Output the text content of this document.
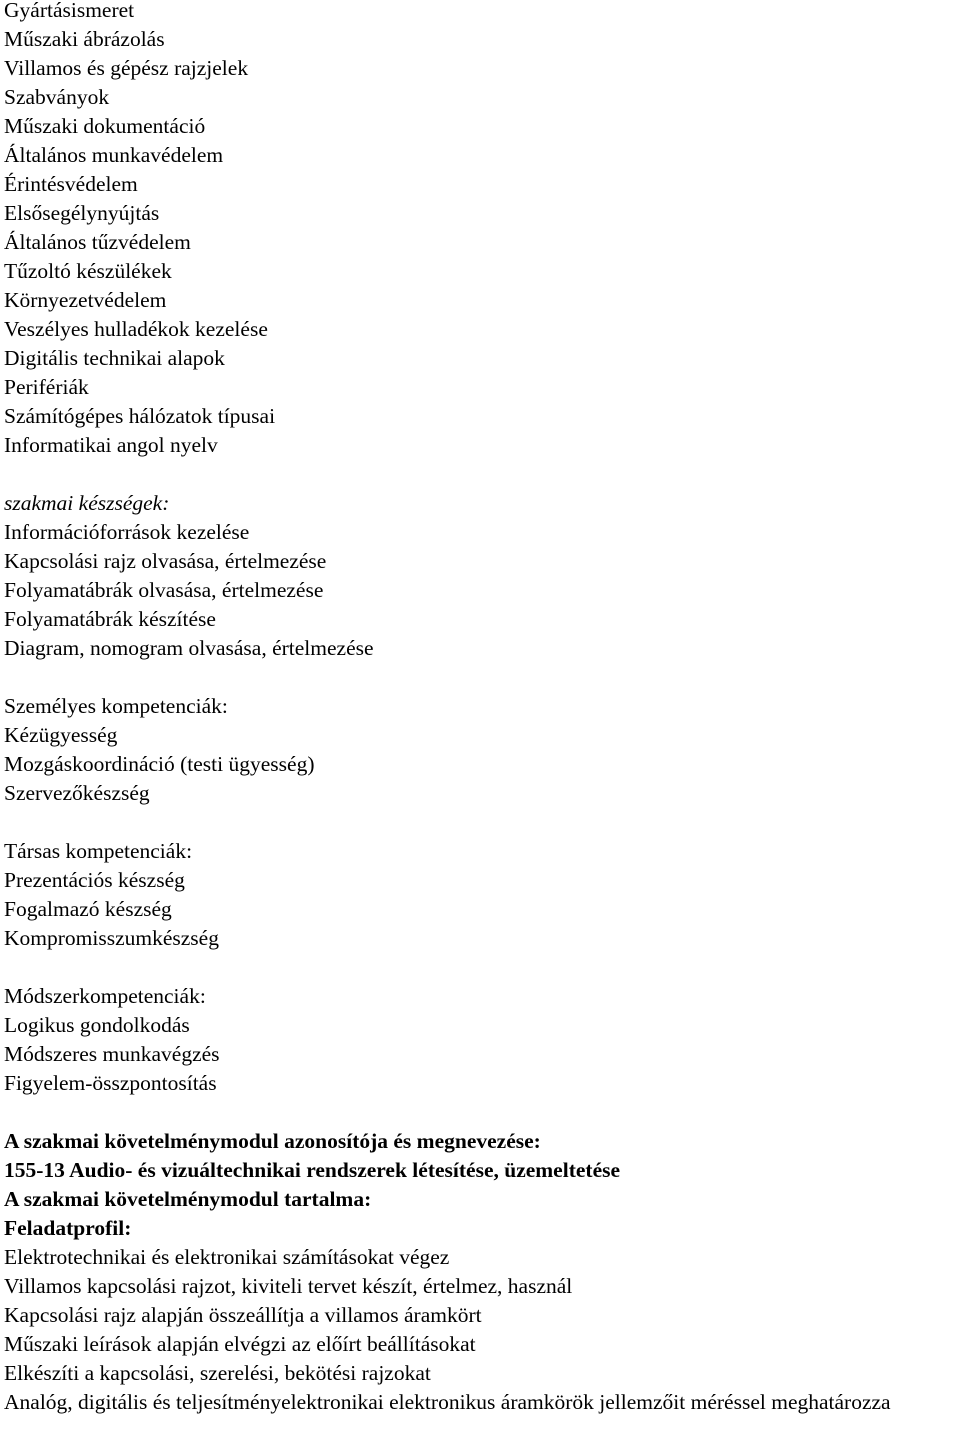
Gyártásismeret
Műszaki ábrázolás
Villamos és gépész rajzjelek
Szabványok
Műszaki dokumentáció
Általános munkavédelem
Érintésvédelem
Elsősegélynyújtás
Általános tűzvédelem
Tűzoltó készülékek
Környezetvédelem
Veszélyes hulladékok kezelése
Digitális technikai alapok
Perifériák
Számítógépes hálózatok típusai
Informatikai angol nyelv
szakmai készségek:
Információforrások kezelése
Kapcsolási rajz olvasása, értelmezése
Folyamatábrák olvasása, értelmezése
Folyamatábrák készítése
Diagram, nomogram olvasása, értelmezése
Személyes kompetenciák:
Kézügyesség
Mozgáskoordináció (testi ügyesség)
Szervezőkészség
Társas kompetenciák:
Prezentációs készség
Fogalmazó készség
Kompromisszumkészség
Módszerkompetenciák:
Logikus gondolkodás
Módszeres munkavégzés
Figyelem-összpontosítás
A szakmai követelménymodul azonosítója és megnevezése:
155-13 Audio- és vizuáltechnikai rendszerek létesítése, üzemeltetése
A szakmai követelménymodul tartalma:
Feladatprofil:
Elektrotechnikai és elektronikai számításokat végez
Villamos kapcsolási rajzot, kiviteli tervet készít, értelmez, használ
Kapcsolási rajz alapján összeállítja a villamos áramkört
Műszaki leírások alapján elvégzi az előírt beállításokat
Elkészíti a kapcsolási, szerelési, bekötési rajzokat
Analóg, digitális és teljesítményelektronikai elektronikus áramkörök jellemzőit méréssel meghatározza
